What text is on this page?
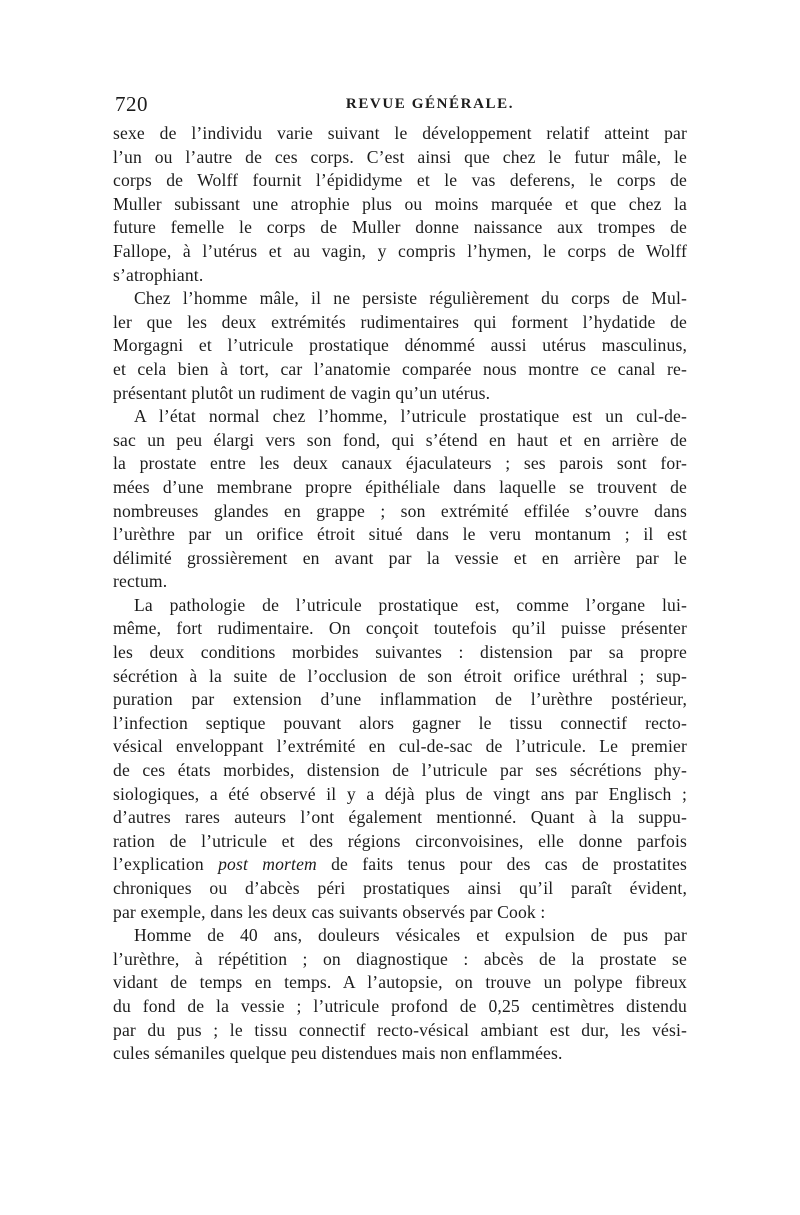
720	REVUE GÉNÉRALE.

sexe de l’individu varie suivant le développement relatif atteint par
l’un ou l’autre de ces corps. C’est ainsi que chez le futur mâle, le
corps de Wolff fournit l’épididyme et le vas deferens, le corps de
Muller subissant une atrophie plus ou moins marquée et que chez la
future femelle le corps de Muller donne naissance aux trompes de
Fallope, à l’utérus et au vagin, y compris l’hymen, le corps de Wolff
s’atrophiant.

Chez l’homme mâle, il ne persiste régulièrement du corps de Mul-
ler que les deux extrémités rudimentaires qui forment l’hydatide de
Morgagni et l’utricule prostatique dénommé aussi utérus masculinus,
et cela bien à tort, car l’anatomie comparée nous montre ce canal re-
présentant plutôt un rudiment de vagin qu’un utérus.

A l’état normal chez l’homme, l’utricule prostatique est un cul-de-
sac un peu élargi vers son fond, qui s’étend en haut et en arrière de
la prostate entre les deux canaux éjaculateurs ; ses parois sont for-
mées d’une membrane propre épithéliale dans laquelle se trouvent de
nombreuses glandes en grappe ; son extrémité effilée s’ouvre dans
l’urèthre par un orifice étroit situé dans le veru montanum ; il est
délimité grossièrement en avant par la vessie et en arrière par le
rectum.

La pathologie de l’utricule prostatique est, comme l’organe lui-
même, fort rudimentaire. On conçoit toutefois qu’il puisse présenter
les deux conditions morbides suivantes : distension par sa propre
sécrétion à la suite de l’occlusion de son étroit orifice uréthral ; sup-
puration par extension d’une inflammation de l’urèthre postérieur,
l’infection septique pouvant alors gagner le tissu connectif recto-
vésical enveloppant l’extrémité en cul-de-sac de l’utricule. Le premier
de ces états morbides, distension de l’utricule par ses sécrétions phy-
siologiques, a été observé il y a déjà plus de vingt ans par Englisch ;
d’autres rares auteurs l’ont également mentionné. Quant à la suppu-
ration de l’utricule et des régions circonvoisines, elle donne parfois
l’explication post mortem de faits tenus pour des cas de prostatites
chroniques ou d’abcès péri prostatiques ainsi qu’il paraît évident,
par exemple, dans les deux cas suivants observés par Cook :

Homme de 40 ans, douleurs vésicales et expulsion de pus par
l’urèthre, à répétition ; on diagnostique : abcès de la prostate se
vidant de temps en temps. A l’autopsie, on trouve un polype fibreux
du fond de la vessie ; l’utricule profond de 0,25 centimètres distendu
par du pus ; le tissu connectif recto-vésical ambiant est dur, les vési-
cules sémaniles quelque peu distendues mais non enflammées.
